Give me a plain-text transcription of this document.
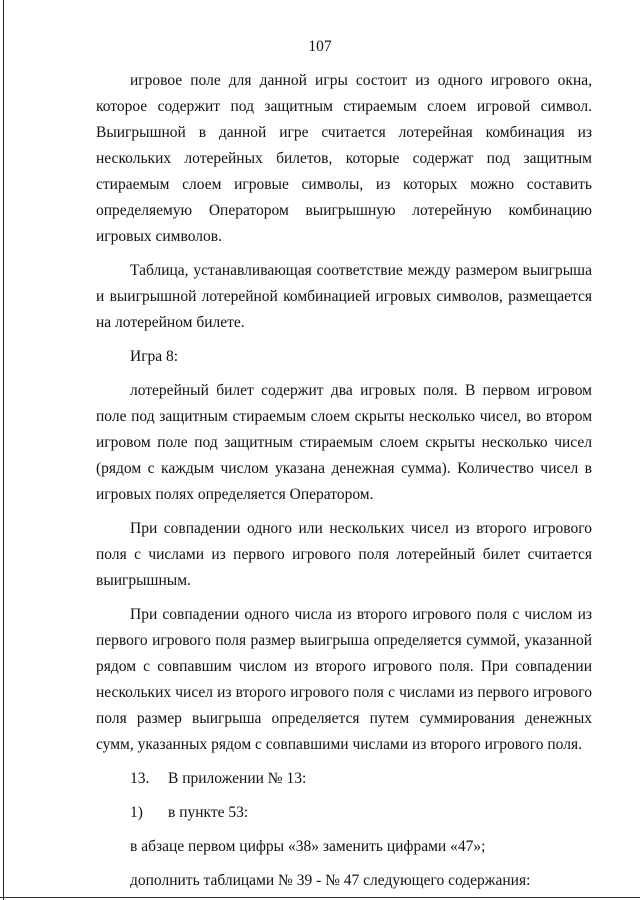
107

игровое поле для данной игры состоит из одного игрового окна, которое содержит под защитным стираемым слоем игровой символ. Выигрышной в данной игре считается лотерейная комбинация из нескольких лотерейных билетов, которые содержат под защитным стираемым слоем игровые символы, из которых можно составить определяемую Оператором выигрышную лотерейную комбинацию игровых символов.

Таблица, устанавливающая соответствие между размером выигрыша и выигрышной лотерейной комбинацией игровых символов, размещается на лотерейном билете.

Игра 8:

лотерейный билет содержит два игровых поля. В первом игровом поле под защитным стираемым слоем скрыты несколько чисел, во втором игровом поле под защитным стираемым слоем скрыты несколько чисел (рядом с каждым числом указана денежная сумма). Количество чисел в игровых полях определяется Оператором.

При совпадении одного или нескольких чисел из второго игрового поля с числами из первого игрового поля лотерейный билет считается выигрышным.

При совпадении одного числа из второго игрового поля с числом из первого игрового поля размер выигрыша определяется суммой, указанной рядом с совпавшим числом из второго игрового поля. При совпадении нескольких чисел из второго игрового поля с числами из первого игрового поля размер выигрыша определяется путем суммирования денежных сумм, указанных рядом с совпавшими числами из второго игрового поля.

13.	В приложении № 13:
1)	в пункте 53:

в абзаце первом цифры «38» заменить цифрами «47»;

дополнить таблицами № 39 - № 47 следующего содержания:
